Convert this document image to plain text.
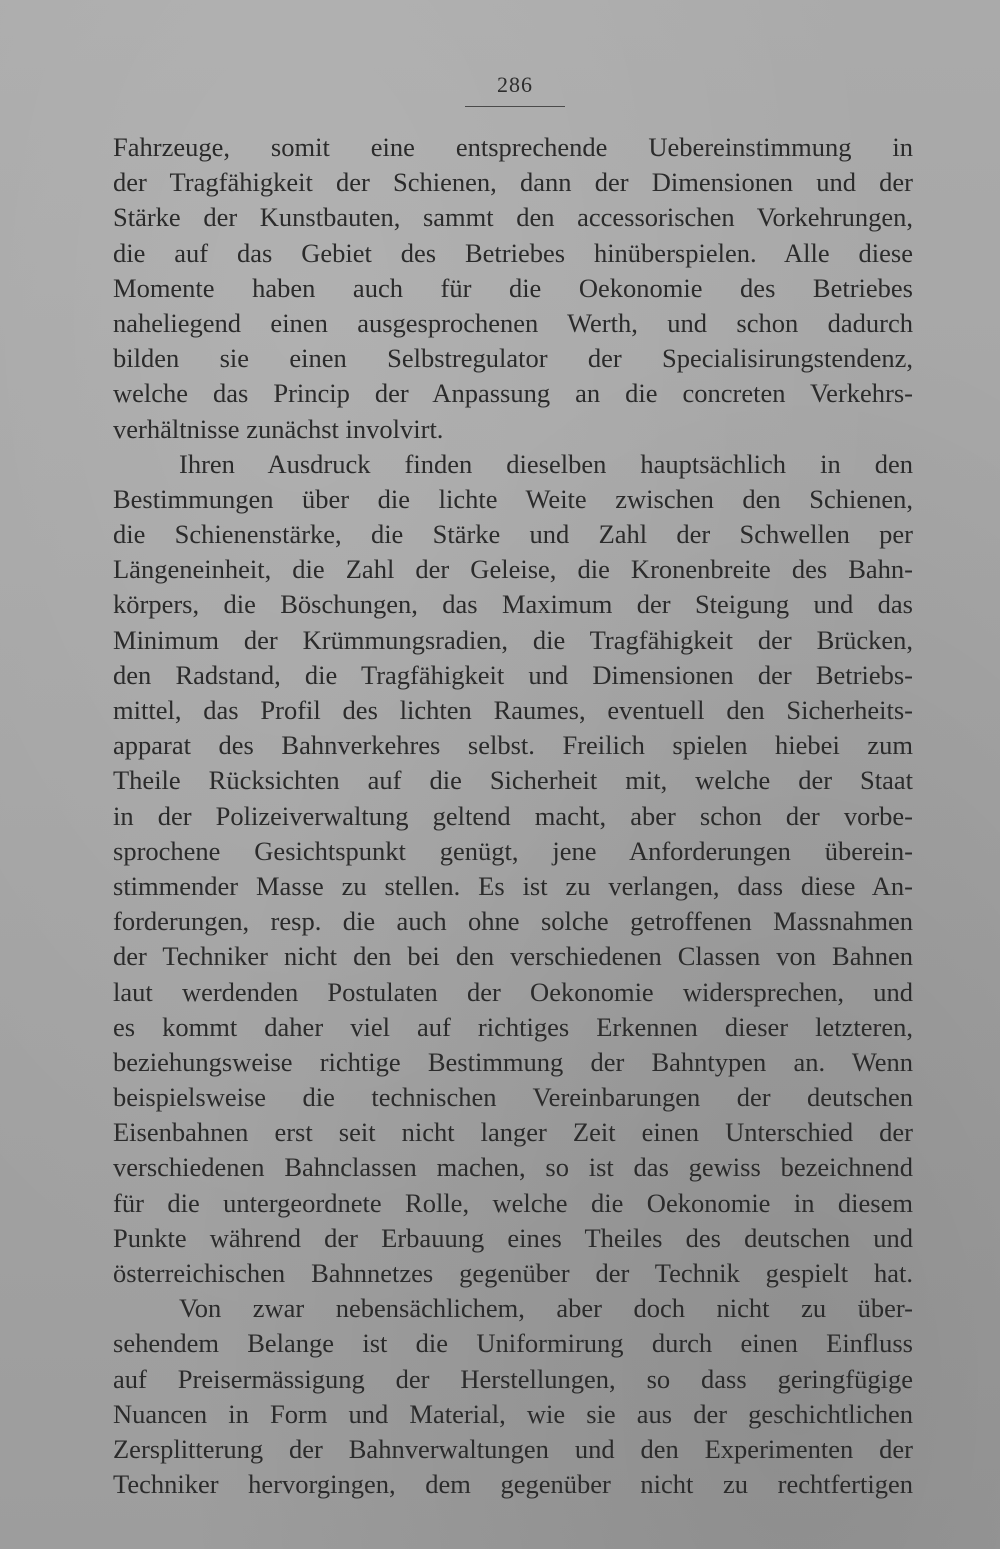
286
Fahrzeuge, somit eine entsprechende Uebereinstimmung in
der Tragfähigkeit der Schienen, dann der Dimensionen und der
Stärke der Kunstbauten, sammt den accessorischen Vorkehrungen,
die auf das Gebiet des Betriebes hinüberspielen. Alle diese
Momente haben auch für die Oekonomie des Betriebes
naheliegend einen ausgesprochenen Werth, und schon dadurch
bilden sie einen Selbstregulator der Specialisirungstendenz,
welche das Princip der Anpassung an die concreten Verkehrs-
verhältnisse zunächst involvirt.
Ihren Ausdruck finden dieselben hauptsächlich in den
Bestimmungen über die lichte Weite zwischen den Schienen,
die Schienenstärke, die Stärke und Zahl der Schwellen per
Längeneinheit, die Zahl der Geleise, die Kronenbreite des Bahn-
körpers, die Böschungen, das Maximum der Steigung und das
Minimum der Krümmungsradien, die Tragfähigkeit der Brücken,
den Radstand, die Tragfähigkeit und Dimensionen der Betriebs-
mittel, das Profil des lichten Raumes, eventuell den Sicherheits-
apparat des Bahnverkehres selbst. Freilich spielen hiebei zum
Theile Rücksichten auf die Sicherheit mit, welche der Staat
in der Polizeiverwaltung geltend macht, aber schon der vorbe-
sprochene Gesichtspunkt genügt, jene Anforderungen überein-
stimmender Masse zu stellen. Es ist zu verlangen, dass diese An-
forderungen, resp. die auch ohne solche getroffenen Massnahmen
der Techniker nicht den bei den verschiedenen Classen von Bahnen
laut werdenden Postulaten der Oekonomie widersprechen, und
es kommt daher viel auf richtiges Erkennen dieser letzteren,
beziehungsweise richtige Bestimmung der Bahntypen an. Wenn
beispielsweise die technischen Vereinbarungen der deutschen
Eisenbahnen erst seit nicht langer Zeit einen Unterschied der
verschiedenen Bahnclassen machen, so ist das gewiss bezeichnend
für die untergeordnete Rolle, welche die Oekonomie in diesem
Punkte während der Erbauung eines Theiles des deutschen und
österreichischen Bahnnetzes gegenüber der Technik gespielt hat.
Von zwar nebensächlichem, aber doch nicht zu über-
sehendem Belange ist die Uniformirung durch einen Einfluss
auf Preisermässigung der Herstellungen, so dass geringfügige
Nuancen in Form und Material, wie sie aus der geschichtlichen
Zersplitterung der Bahnverwaltungen und den Experimenten der
Techniker hervorgingen, dem gegenüber nicht zu rechtfertigen
